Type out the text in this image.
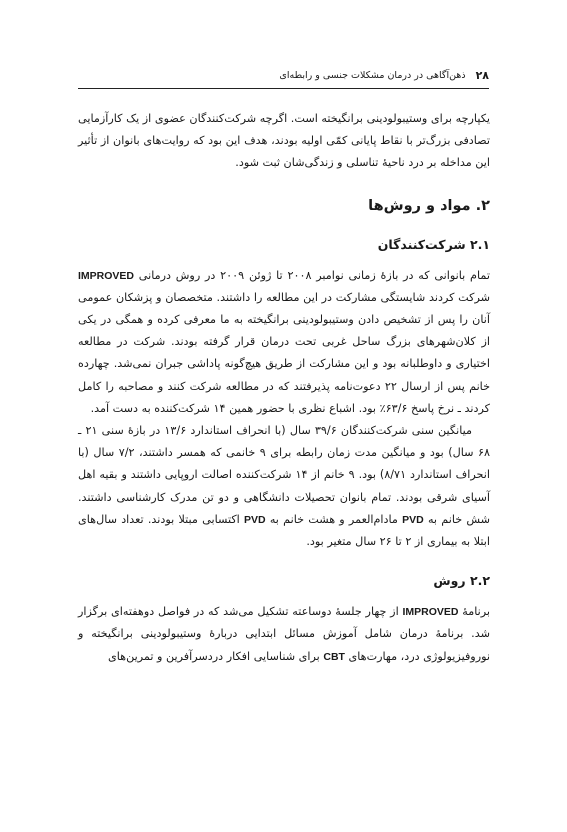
۲۸
ذهن‌آگاهی در درمان مشکلات جنسی و رابطه‌ای

یکپارچه برای وستیبولودینی برانگیخته است. اگرچه شرکت‌کنندگان عضوی از یک کارآزمایی تصادفی بزرگ‌تر با نقاط پایانی کمّی اولیه بودند، هدف این بود که روایت‌های بانوان از تأثیر این مداخله بر درد ناحیهٔ تناسلی و زندگی‌شان ثبت شود.

۲. مواد و روش‌ها
۲.۱ شرکت‌کنندگان

تمام بانوانی که در بازهٔ زمانی نوامبر ۲۰۰۸ تا ژوئن ۲۰۰۹ در روش درمانی IMPROVED شرکت کردند شایستگی مشارکت در این مطالعه را داشتند. متخصصان و پزشکان عمومی آنان را پس از تشخیص دادن وستیبولودینی برانگیخته به ما معرفی کرده و همگی در یکی از کلان‌شهرهای بزرگ ساحل غربی تحت درمان قرار گرفته بودند. شرکت در مطالعه اختیاری و داوطلبانه بود و این مشارکت از طریق هیچ‌گونه پاداشی جبران نمی‌شد. چهارده خانم پس از ارسال ۲۲ دعوت‌نامه پذیرفتند که در مطالعه شرکت کنند و مصاحبه را کامل کردند ـ نرخ پاسخ ۶۳/۶٪ بود. اشباع نظری با حضور همین ۱۴ شرکت‌کننده به دست آمد.

میانگین سنی شرکت‌کنندگان ۳۹/۶ سال (با انحراف استاندارد ۱۳/۶ در بازهٔ سنی ۲۱ ـ ۶۸ سال) بود و میانگین مدت زمان رابطه برای ۹ خانمی که همسر داشتند، ۷/۲ سال (با انحراف استاندارد ۸/۷۱) بود. ۹ خانم از ۱۴ شرکت‌کننده اصالت اروپایی داشتند و بقیه اهل آسیای شرقی بودند. تمام بانوان تحصیلات دانشگاهی و دو تن مدرک کارشناسی داشتند. شش خانم به PVD مادام‌العمر و هشت خانم به PVD اکتسابی مبتلا بودند. تعداد سال‌های ابتلا به بیماری از ۲ تا ۲۶ سال متغیر بود.

۲.۲ روش

برنامهٔ IMPROVED از چهار جلسهٔ دوساعته تشکیل می‌شد که در فواصل دوهفته‌ای برگزار شد. برنامهٔ درمان شامل آموزش مسائل ابتدایی دربارهٔ وستیبولودینی برانگیخته و نوروفیزیولوژی درد، مهارت‌های CBT برای شناسایی افکار دردسرآفرین و تمرین‌های
